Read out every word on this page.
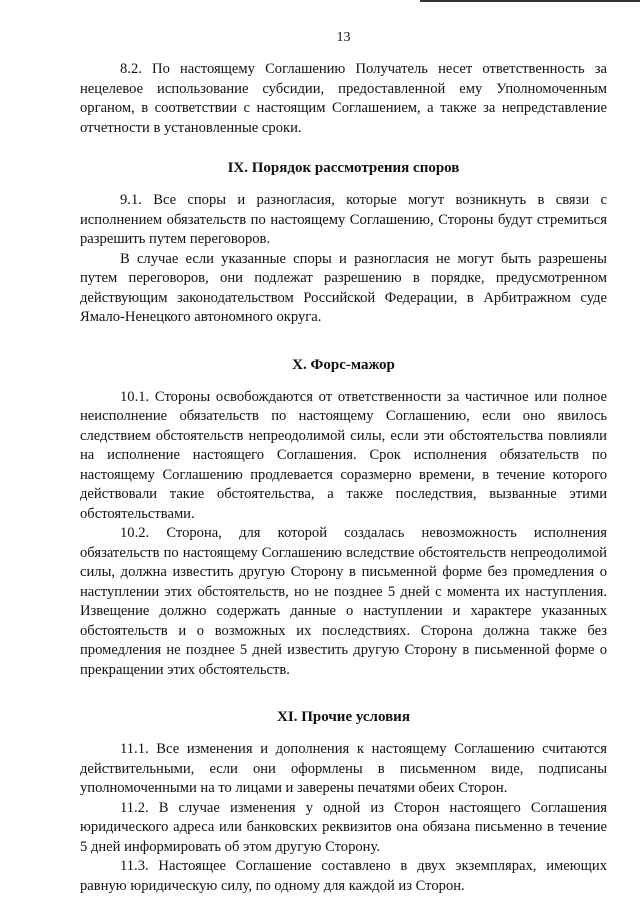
13

8.2. По настоящему Соглашению Получатель несет ответственность за нецелевое использование субсидии, предоставленной ему Уполномоченным органом, в соответствии с настоящим Соглашением, а также за непредставление отчетности в установленные сроки.

IX. Порядок рассмотрения споров

9.1. Все споры и разногласия, которые могут возникнуть в связи с исполнением обязательств по настоящему Соглашению, Стороны будут стремиться разрешить путем переговоров.

В случае если указанные споры и разногласия не могут быть разрешены путем переговоров, они подлежат разрешению в порядке, предусмотренном действующим законодательством Российской Федерации, в Арбитражном суде Ямало-Ненецкого автономного округа.

X. Форс-мажор

10.1. Стороны освобождаются от ответственности за частичное или полное неисполнение обязательств по настоящему Соглашению, если оно явилось следствием обстоятельств непреодолимой силы, если эти обстоятельства повлияли на исполнение настоящего Соглашения. Срок исполнения обязательств по настоящему Соглашению продлевается соразмерно времени, в течение которого действовали такие обстоятельства, а также последствия, вызванные этими обстоятельствами.

10.2. Сторона, для которой создалась невозможность исполнения обязательств по настоящему Соглашению вследствие обстоятельств непреодолимой силы, должна известить другую Сторону в письменной форме без промедления о наступлении этих обстоятельств, но не позднее 5 дней с момента их наступления. Извещение должно содержать данные о наступлении и характере указанных обстоятельств и о возможных их последствиях. Сторона должна также без промедления не позднее 5 дней известить другую Сторону в письменной форме о прекращении этих обстоятельств.

XI. Прочие условия

11.1. Все изменения и дополнения к настоящему Соглашению считаются действительными, если они оформлены в письменном виде, подписаны уполномоченными на то лицами и заверены печатями обеих Сторон.

11.2. В случае изменения у одной из Сторон настоящего Соглашения юридического адреса или банковских реквизитов она обязана письменно в течение 5 дней информировать об этом другую Сторону.

11.3. Настоящее Соглашение составлено в двух экземплярах, имеющих равную юридическую силу, по одному для каждой из Сторон.
